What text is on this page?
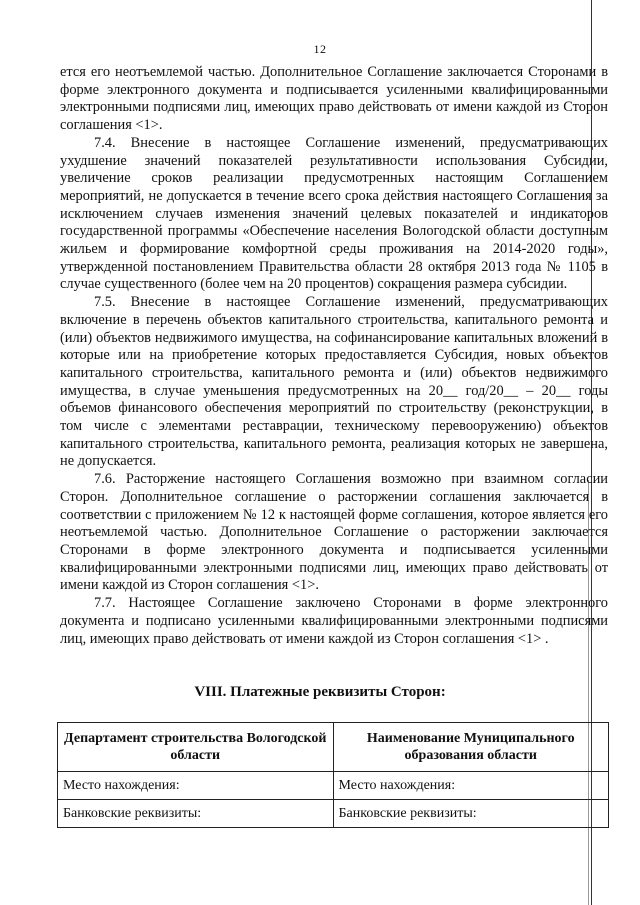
12

ется его неотъемлемой частью. Дополнительное Соглашение заключается Сторонами в форме электронного документа и подписывается усиленными квалифицированными электронными подписями лиц, имеющих право действовать от имени каждой из Сторон соглашения <1>.

7.4. Внесение в настоящее Соглашение изменений, предусматривающих ухудшение значений показателей результативности использования Субсидии, увеличение сроков реализации предусмотренных настоящим Соглашением мероприятий, не допускается в течение всего срока действия настоящего Соглашения за исключением случаев изменения значений целевых показателей и индикаторов государственной программы «Обеспечение населения Вологодской области доступным жильем и формирование комфортной среды проживания на 2014-2020 годы», утвержденной постановлением Правительства области 28 октября 2013 года № 1105 в случае существенного (более чем на 20 процентов) сокращения размера субсидии.

7.5. Внесение в настоящее Соглашение изменений, предусматривающих включение в перечень объектов капитального строительства, капитального ремонта и (или) объектов недвижимого имущества, на софинансирование капитальных вложений в которые или на приобретение которых предоставляется Субсидия, новых объектов капитального строительства, капитального ремонта и (или) объектов недвижимого имущества, в случае уменьшения предусмотренных на 20__ год/20__ – 20__ годы объемов финансового обеспечения мероприятий по строительству (реконструкции, в том числе с элементами реставрации, техническому перевооружению) объектов капитального строительства, капитального ремонта, реализация которых не завершена, не допускается.

7.6. Расторжение настоящего Соглашения возможно при взаимном согласии Сторон. Дополнительное соглашение о расторжении соглашения заключается в соответствии с приложением № 12 к настоящей форме соглашения, которое является его неотъемлемой частью. Дополнительное Соглашение о расторжении заключается Сторонами в форме электронного документа и подписывается усиленными квалифицированными электронными подписями лиц, имеющих право действовать от имени каждой из Сторон соглашения <1>.

7.7. Настоящее Соглашение заключено Сторонами в форме электронного документа и подписано усиленными квалифицированными электронными подписями лиц, имеющих право действовать от имени каждой из Сторон соглашения <1> .

VIII. Платежные реквизиты Сторон:
Департамент строительства Вологодской области	Наименование Муниципального образования области
Место нахождения:	Место нахождения:
Банковские реквизиты:	Банковские реквизиты:
